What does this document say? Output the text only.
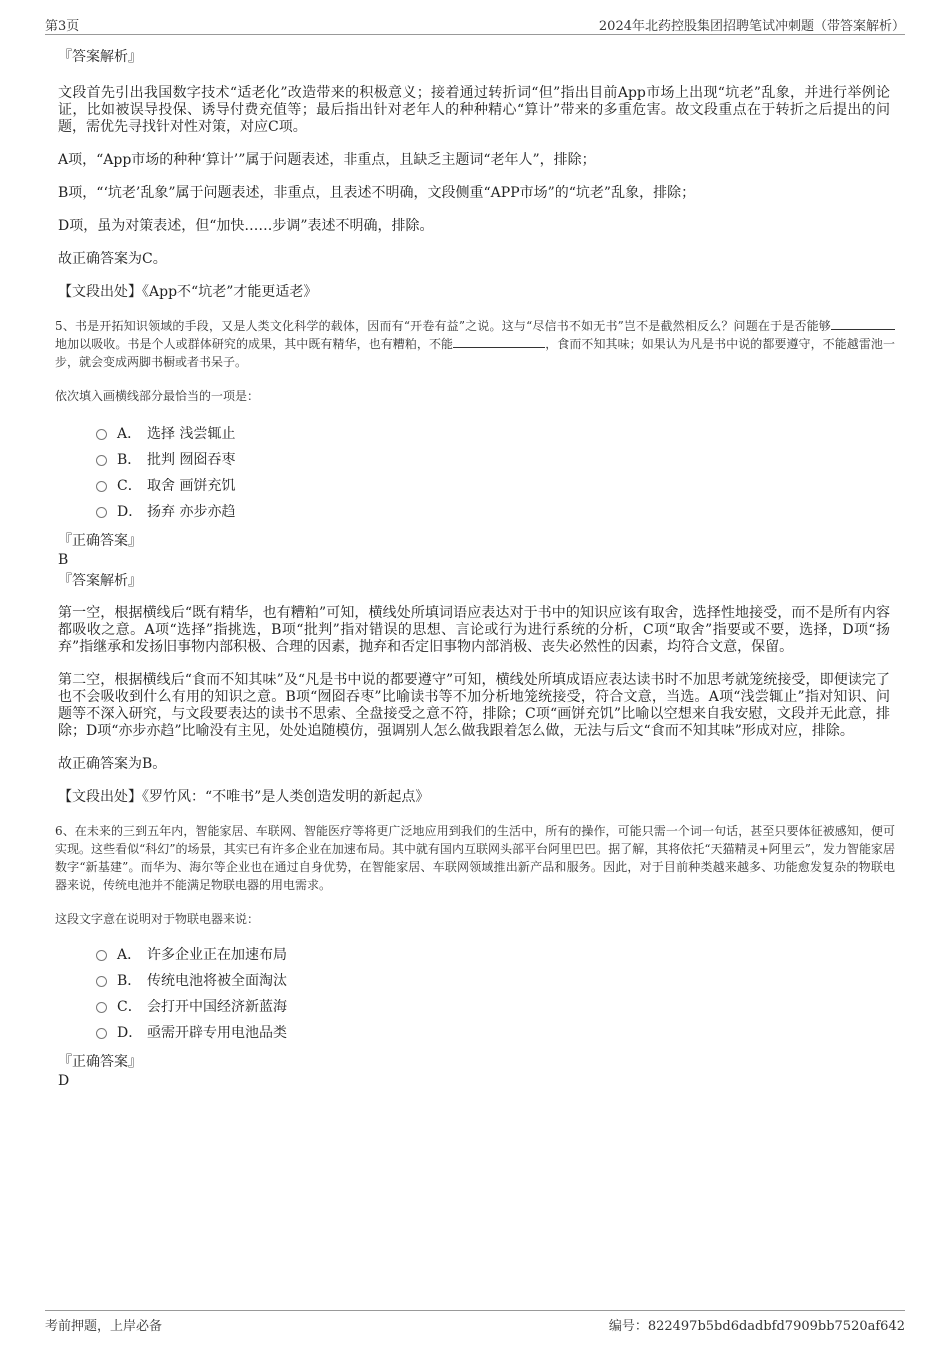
第3页	2024年北药控股集团招聘笔试冲刺题（带答案解析）
『答案解析』
文段首先引出我国数字技术“适老化”改造带来的积极意义；接着通过转折词“但”指出目前App市场上出现“坑老”乱象，并进行举例论证，比如被误导投保、诱导付费充值等；最后指出针对老年人的种种精心“算计”带来的多重危害。故文段重点在于转折之后提出的问题，需优先寻找针对性对策，对应C项。
A项，“App市场的种种‘算计’”属于问题表述，非重点，且缺乏主题词“老年人”，排除；
B项，“‘坑老’乱象”属于问题表述，非重点，且表述不明确，文段侧重“APP市场”的“坑老”乱象，排除；
D项，虽为对策表述，但“加快……步调”表述不明确，排除。
故正确答案为C。
【文段出处】《App不“坑老”才能更适老》
5、书是开拓知识领域的手段，又是人类文化科学的载体，因而有“开卷有益”之说。这与“尽信书不如无书”岂不是截然相反么？问题在于是否能够地加以吸收。书是个人或群体研究的成果，其中既有精华，也有糟粕，不能	，食而不知其味；如果认为凡是书中说的都要遵守，不能越雷池一步，就会变成两脚书橱或者书呆子。
依次填入画横线部分最恰当的一项是：
A． 选择 浅尝辄止
B． 批判 囫囵吞枣
C． 取舍 画饼充饥
D． 扬弃 亦步亦趋
『正确答案』
B
『答案解析』
第一空，根据横线后“既有精华，也有糟粕”可知，横线处所填词语应表达对于书中的知识应该有取舍，选择性地接受，而不是所有内容都吸收之意。A项“选择”指挑选，B项“批判”指对错误的思想、言论或行为进行系统的分析，C项“取舍”指要或不要，选择，D项“扬弃”指继承和发扬旧事物内部积极、合理的因素，抛弃和否定旧事物内部消极、丧失必然性的因素，均符合文意，保留。
第二空，根据横线后“食而不知其味”及“凡是书中说的都要遵守”可知，横线处所填成语应表达读书时不加思考就笼统接受，即便读完了也不会吸收到什么有用的知识之意。B项“囫囵吞枣”比喻读书等不加分析地笼统接受，符合文意，当选。A项“浅尝辄止”指对知识、问题等不深入研究，与文段要表达的读书不思索、全盘接受之意不符，排除；C项“画饼充饥”比喻以空想来自我安慰，文段并无此意，排除；D项“亦步亦趋”比喻没有主见，处处追随模仿，强调别人怎么做我跟着怎么做，无法与后文“食而不知其味”形成对应，排除。
故正确答案为B。
【文段出处】《罗竹风：“不唯书”是人类创造发明的新起点》
6、在未来的三到五年内，智能家居、车联网、智能医疗等将更广泛地应用到我们的生活中，所有的操作，可能只需一个词一句话，甚至只要体征被感知，便可实现。这些看似“科幻”的场景，其实已有许多企业在加速布局。其中就有国内互联网头部平台阿里巴巴。据了解，其将依托“天猫精灵+阿里云”，发力智能家居数字“新基建”。而华为、海尔等企业也在通过自身优势，在智能家居、车联网领域推出新产品和服务。因此，对于目前种类越来越多、功能愈发复杂的物联电器来说，传统电池并不能满足物联电器的用电需求。
这段文字意在说明对于物联电器来说：
A． 许多企业正在加速布局
B． 传统电池将被全面淘汰
C． 会打开中国经济新蓝海
D． 亟需开辟专用电池品类
『正确答案』
D
考前押题，上岸必备	编号：822497b5bd6dadbfd7909bb7520af642
